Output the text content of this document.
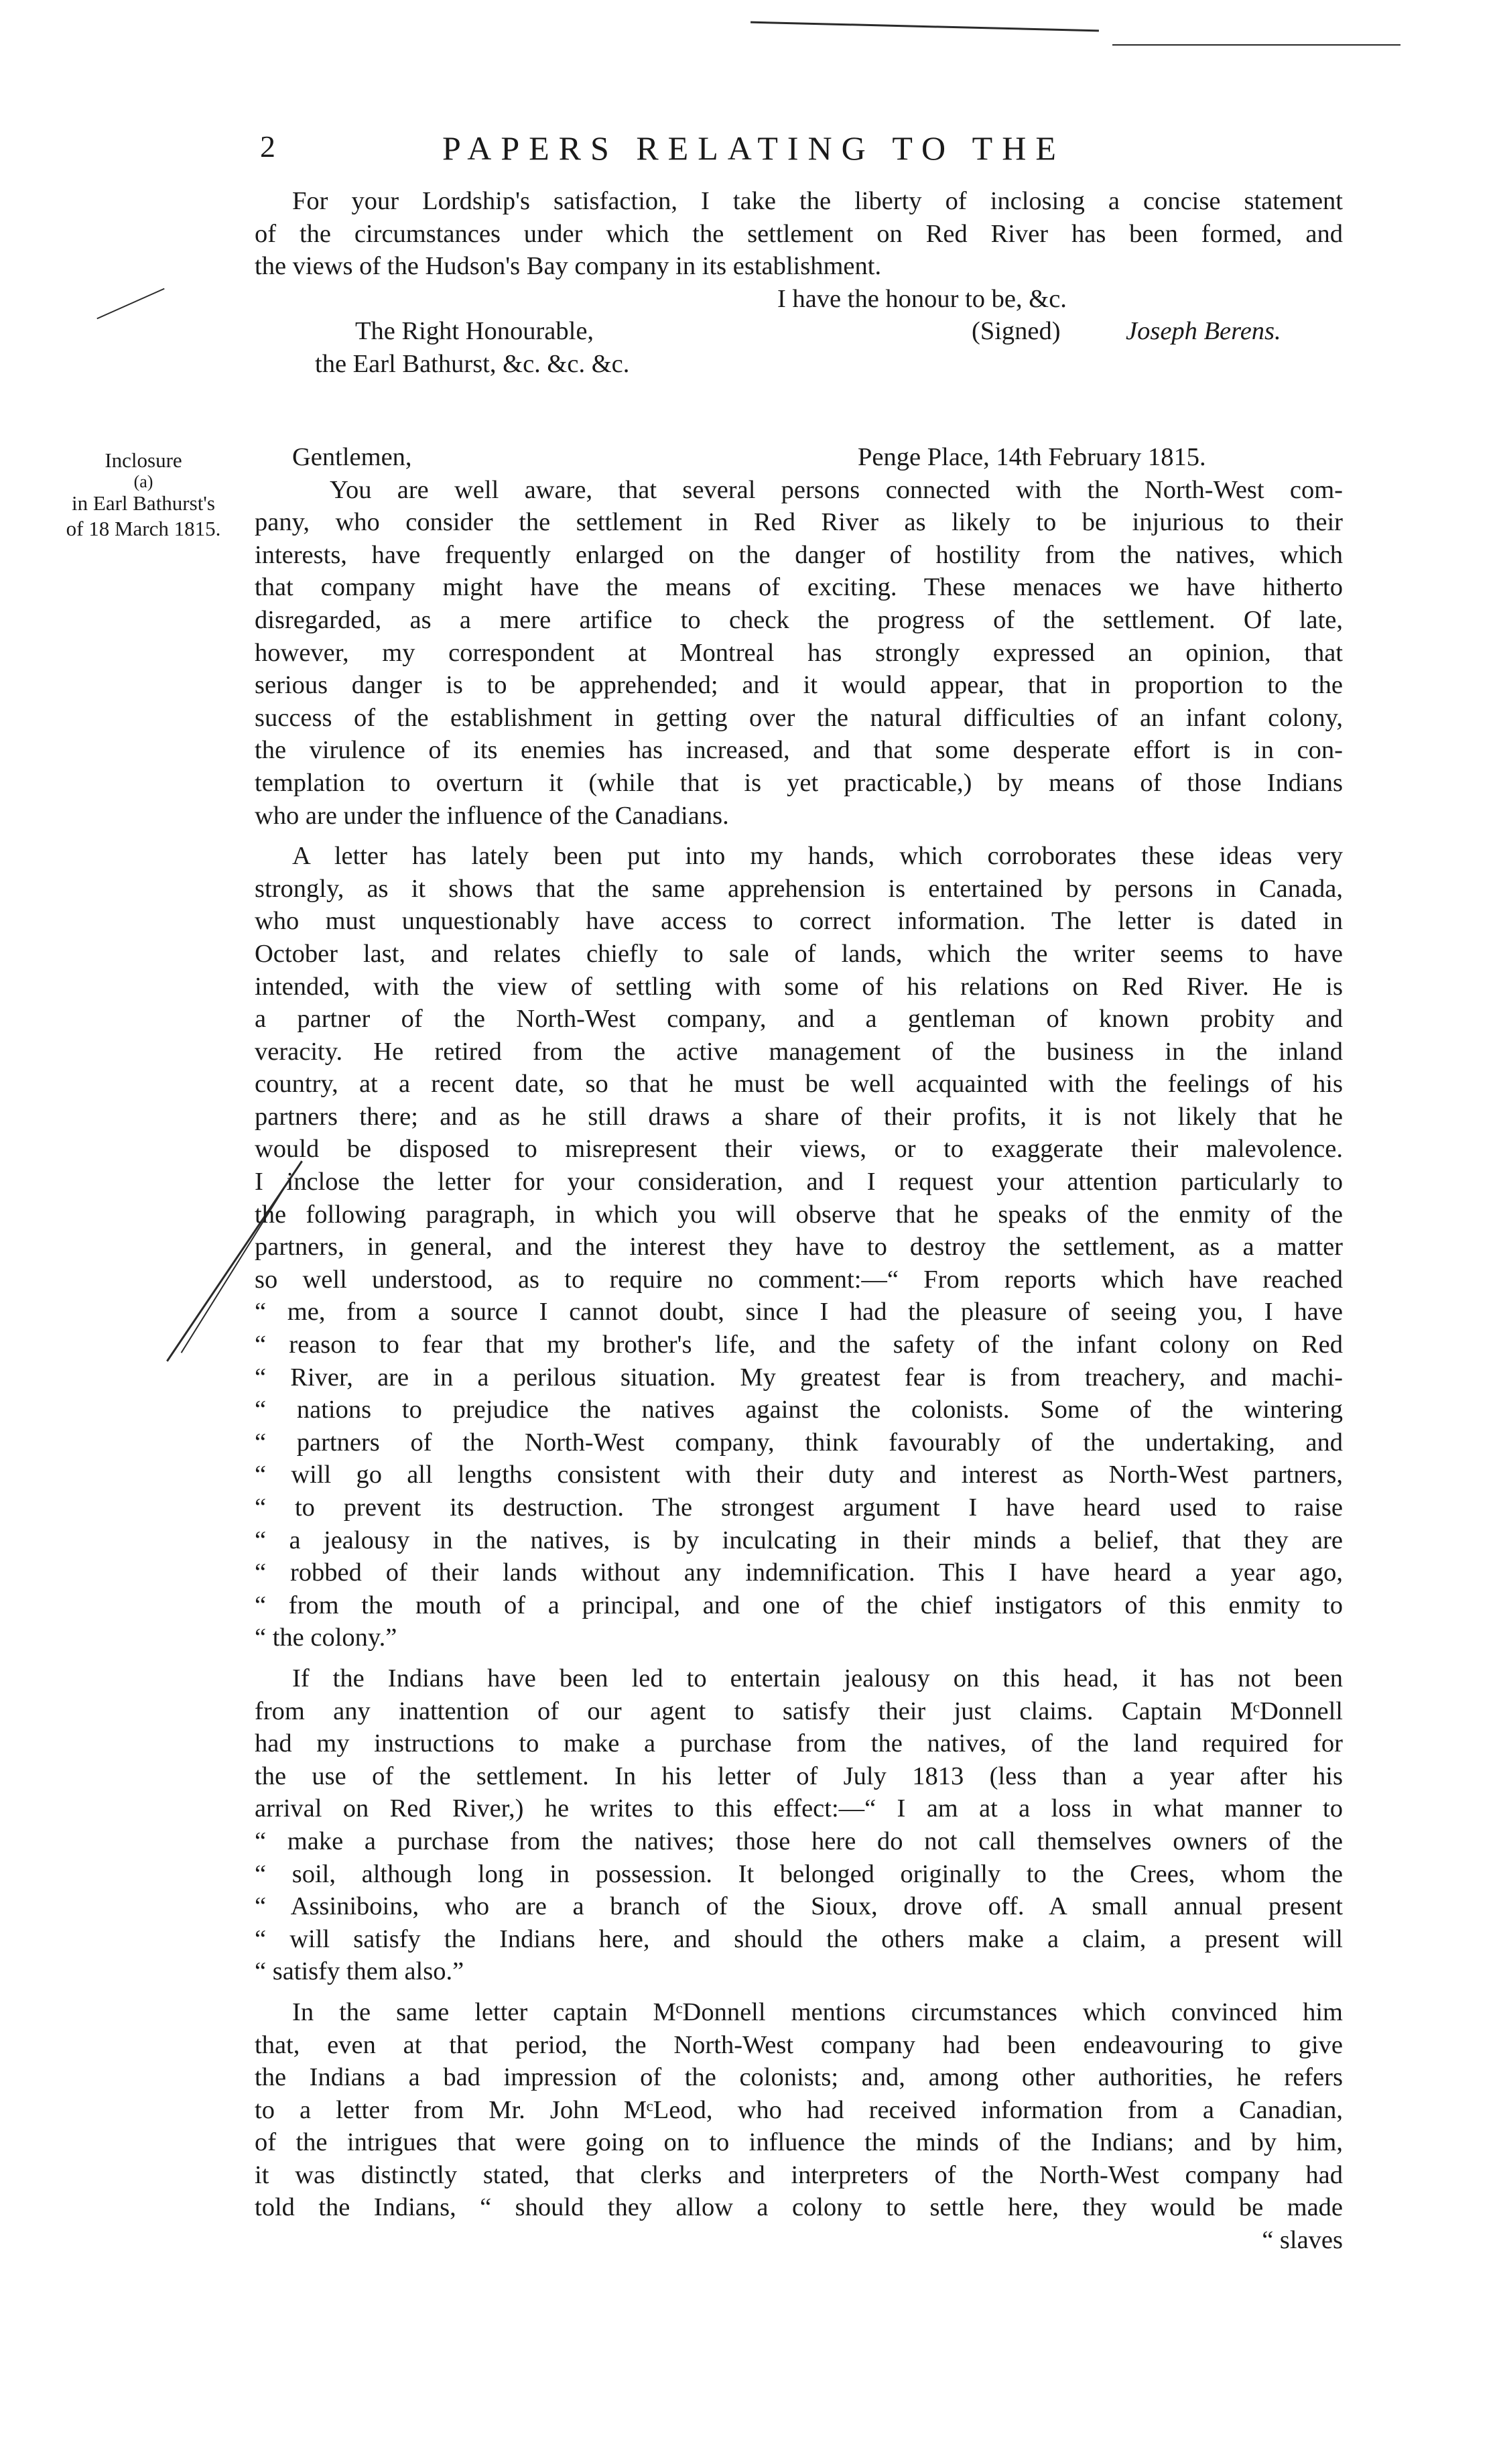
2	PAPERS RELATING TO THE
For your Lordship's satisfaction, I take the liberty of inclosing a concise statement
of the circumstances under which the settlement on Red River has been formed, and
the views of the Hudson's Bay company in its establishment.
I have the honour to be, &c.
The Right Honourable,	(Signed)	Joseph Berens.
the Earl Bathurst, &c. &c. &c.
Inclosure
(a)
in Earl Bathurst's
of 18 March 1815.
Gentlemen,	Penge Place, 14th February 1815.
You are well aware, that several persons connected with the North-West com-
pany, who consider the settlement in Red River as likely to be injurious to their
interests, have frequently enlarged on the danger of hostility from the natives, which
that company might have the means of exciting. These menaces we have hitherto
disregarded, as a mere artifice to check the progress of the settlement. Of late,
however, my correspondent at Montreal has strongly expressed an opinion, that
serious danger is to be apprehended; and it would appear, that in proportion to the
success of the establishment in getting over the natural difficulties of an infant colony,
the virulence of its enemies has increased, and that some desperate effort is in con-
templation to overturn it (while that is yet practicable,) by means of those Indians
who are under the influence of the Canadians.
A letter has lately been put into my hands, which corroborates these ideas very
strongly, as it shows that the same apprehension is entertained by persons in Canada,
who must unquestionably have access to correct information. The letter is dated in
October last, and relates chiefly to sale of lands, which the writer seems to have
intended, with the view of settling with some of his relations on Red River. He is
a partner of the North-West company, and a gentleman of known probity and
veracity. He retired from the active management of the business in the inland
country, at a recent date, so that he must be well acquainted with the feelings of his
partners there; and as he still draws a share of their profits, it is not likely that he
would be disposed to misrepresent their views, or to exaggerate their malevolence.
I inclose the letter for your consideration, and I request your attention particularly to
the following paragraph, in which you will observe that he speaks of the enmity of the
partners, in general, and the interest they have to destroy the settlement, as a matter
so well understood, as to require no comment:—“ From reports which have reached
“ me, from a source I cannot doubt, since I had the pleasure of seeing you, I have
“ reason to fear that my brother's life, and the safety of the infant colony on Red
“ River, are in a perilous situation. My greatest fear is from treachery, and machi-
“ nations to prejudice the natives against the colonists. Some of the wintering
“ partners of the North-West company, think favourably of the undertaking, and
“ will go all lengths consistent with their duty and interest as North-West partners,
“ to prevent its destruction. The strongest argument I have heard used to raise
“ a jealousy in the natives, is by inculcating in their minds a belief, that they are
“ robbed of their lands without any indemnification. This I have heard a year ago,
“ from the mouth of a principal, and one of the chief instigators of this enmity to
“ the colony.”
If the Indians have been led to entertain jealousy on this head, it has not been
from any inattention of our agent to satisfy their just claims. Captain MᶜDonnell
had my instructions to make a purchase from the natives, of the land required for
the use of the settlement. In his letter of July 1813 (less than a year after his
arrival on Red River,) he writes to this effect:—“ I am at a loss in what manner to
“ make a purchase from the natives; those here do not call themselves owners of the
“ soil, although long in possession. It belonged originally to the Crees, whom the
“ Assiniboins, who are a branch of the Sioux, drove off. A small annual present
“ will satisfy the Indians here, and should the others make a claim, a present will
“ satisfy them also.”
In the same letter captain MᶜDonnell mentions circumstances which convinced him
that, even at that period, the North-West company had been endeavouring to give
the Indians a bad impression of the colonists; and, among other authorities, he refers
to a letter from Mr. John MᶜLeod, who had received information from a Canadian,
of the intrigues that were going on to influence the minds of the Indians; and by him,
it was distinctly stated, that clerks and interpreters of the North-West company had
told the Indians, “ should they allow a colony to settle here, they would be made
“ slaves
